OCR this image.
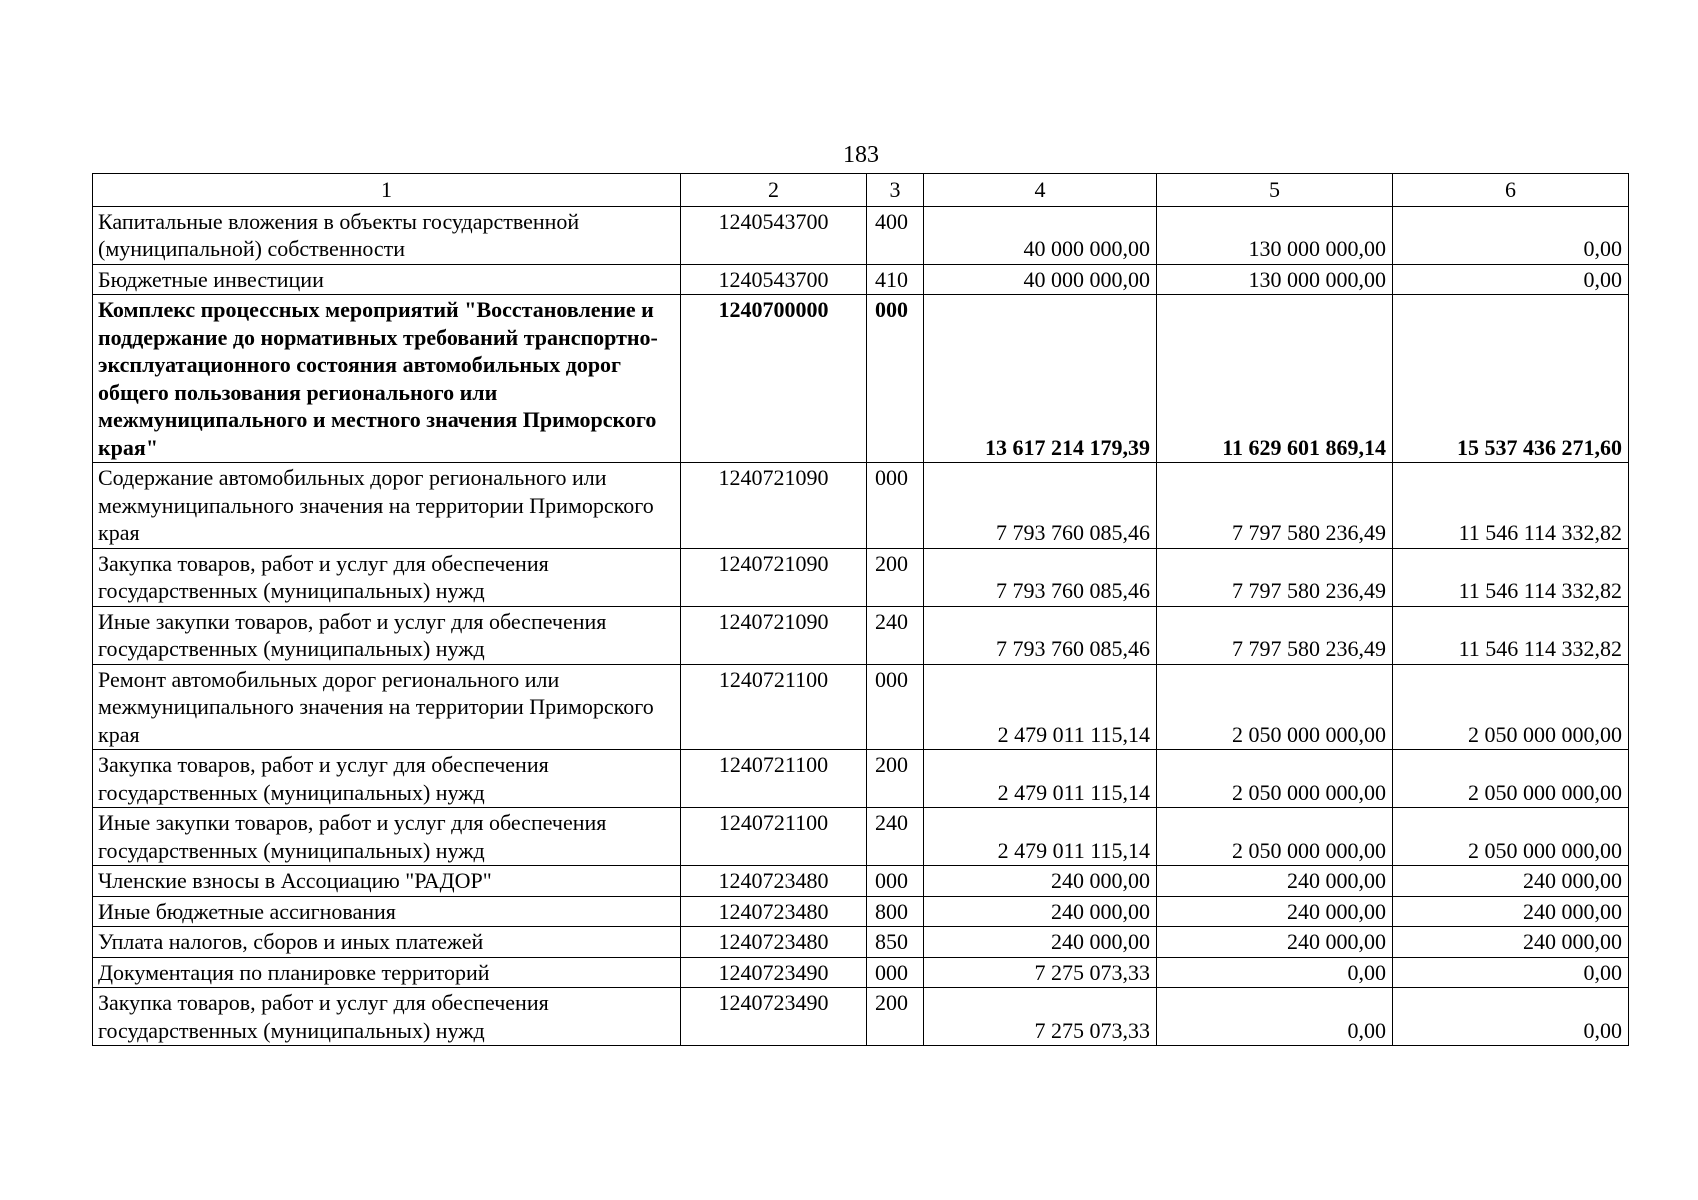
183
1	2	3	4	5	6
Капитальные вложения в объекты государственной (муниципальной) собственности	1240543700	400	40 000 000,00	130 000 000,00	0,00
Бюджетные инвестиции	1240543700	410	40 000 000,00	130 000 000,00	0,00
Комплекс процессных мероприятий "Восстановление и поддержание до нормативных требований транспортно-эксплуатационного состояния автомобильных дорог общего пользования регионального или межмуниципального и местного значения Приморского края"	1240700000	000	13 617 214 179,39	11 629 601 869,14	15 537 436 271,60
Содержание автомобильных дорог регионального или межмуниципального значения на территории Приморского края	1240721090	000	7 793 760 085,46	7 797 580 236,49	11 546 114 332,82
Закупка товаров, работ и услуг для обеспечения государственных (муниципальных) нужд	1240721090	200	7 793 760 085,46	7 797 580 236,49	11 546 114 332,82
Иные закупки товаров, работ и услуг для обеспечения государственных (муниципальных) нужд	1240721090	240	7 793 760 085,46	7 797 580 236,49	11 546 114 332,82
Ремонт автомобильных дорог регионального или межмуниципального значения на территории Приморского края	1240721100	000	2 479 011 115,14	2 050 000 000,00	2 050 000 000,00
Закупка товаров, работ и услуг для обеспечения государственных (муниципальных) нужд	1240721100	200	2 479 011 115,14	2 050 000 000,00	2 050 000 000,00
Иные закупки товаров, работ и услуг для обеспечения государственных (муниципальных) нужд	1240721100	240	2 479 011 115,14	2 050 000 000,00	2 050 000 000,00
Членские взносы в Ассоциацию "РАДОР"	1240723480	000	240 000,00	240 000,00	240 000,00
Иные бюджетные ассигнования	1240723480	800	240 000,00	240 000,00	240 000,00
Уплата налогов, сборов и иных платежей	1240723480	850	240 000,00	240 000,00	240 000,00
Документация по планировке территорий	1240723490	000	7 275 073,33	0,00	0,00
Закупка товаров, работ и услуг для обеспечения государственных (муниципальных) нужд	1240723490	200	7 275 073,33	0,00	0,00
